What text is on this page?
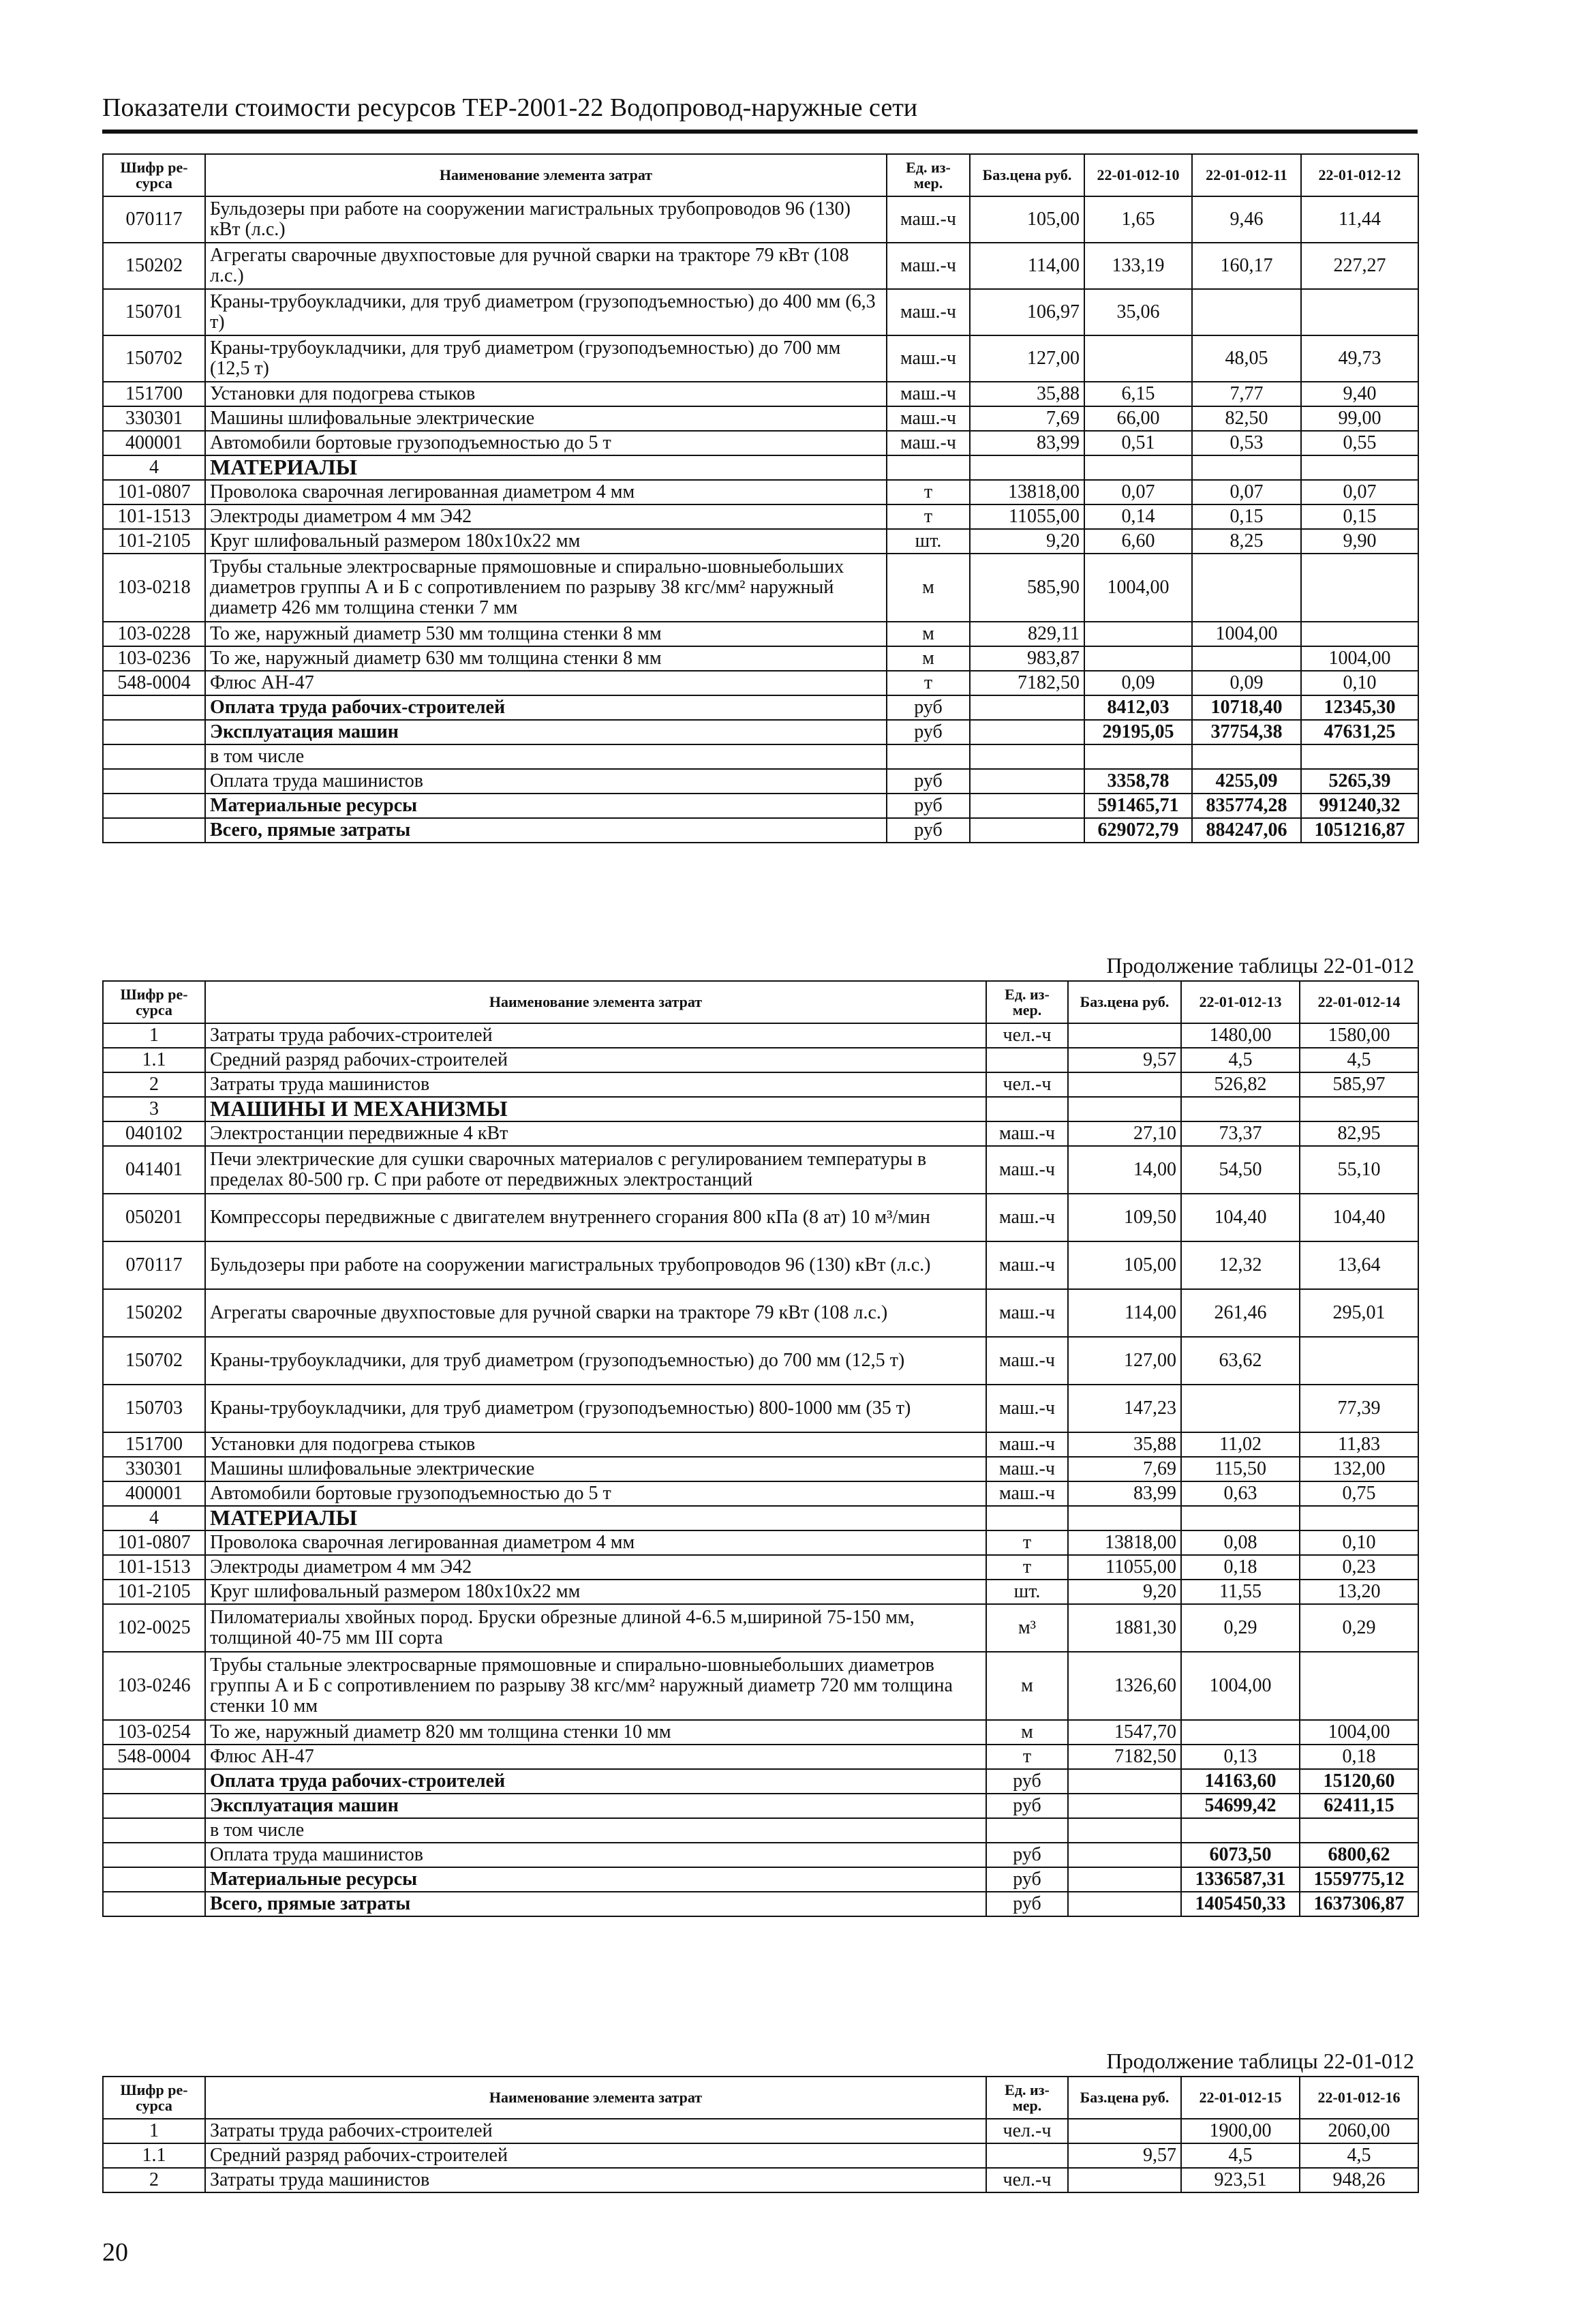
Показатели стоимости ресурсов ТЕР-2001-22 Водопровод-наружные сети
Шифр ре-сурса	Наименование элемента затрат	Ед. из-мер.	Баз.цена руб.	22-01-012-10	22-01-012-11	22-01-012-12
070117	Бульдозеры при работе на сооружении магистральных трубопроводов 96 (130) кВт (л.с.)	маш.-ч	105,00	1,65	9,46	11,44
150202	Агрегаты сварочные двухпостовые для ручной сварки на тракторе 79 кВт (108 л.с.)	маш.-ч	114,00	133,19	160,17	227,27
150701	Краны-трубоукладчики, для труб диаметром (грузоподъемностью) до 400 мм (6,3 т)	маш.-ч	106,97	35,06		
150702	Краны-трубоукладчики, для труб диаметром (грузоподъемностью) до 700 мм (12,5 т)	маш.-ч	127,00		48,05	49,73
151700	Установки для подогрева стыков	маш.-ч	35,88	6,15	7,77	9,40
330301	Машины шлифовальные электрические	маш.-ч	7,69	66,00	82,50	99,00
400001	Автомобили бортовые грузоподъемностью до 5 т	маш.-ч	83,99	0,51	0,53	0,55
4	МАТЕРИАЛЫ					
101-0807	Проволока сварочная легированная диаметром 4 мм	т	13818,00	0,07	0,07	0,07
101-1513	Электроды диаметром 4 мм Э42	т	11055,00	0,14	0,15	0,15
101-2105	Круг шлифовальный размером 180x10x22 мм	шт.	9,20	6,60	8,25	9,90
103-0218	Трубы стальные электросварные прямошовные и спирально-шовныебольших диаметров группы А и Б с сопротивлением по разрыву 38 кгс/мм² наружный диаметр 426 мм толщина стенки 7 мм	м	585,90	1004,00		
103-0228	То же, наружный диаметр 530 мм толщина стенки 8 мм	м	829,11		1004,00	
103-0236	То же, наружный диаметр 630 мм толщина стенки 8 мм	м	983,87			1004,00
548-0004	Флюс АН-47	т	7182,50	0,09	0,09	0,10
	Оплата труда рабочих-строителей	руб		8412,03	10718,40	12345,30
	Эксплуатация машин	руб		29195,05	37754,38	47631,25
	в том числе					
	Оплата труда машинистов	руб		3358,78	4255,09	5265,39
	Материальные ресурсы	руб		591465,71	835774,28	991240,32
	Всего, прямые затраты	руб		629072,79	884247,06	1051216,87
Продолжение таблицы 22-01-012
Шифр ре-сурса	Наименование элемента затрат	Ед. из-мер.	Баз.цена руб.	22-01-012-13	22-01-012-14
1	Затраты труда рабочих-строителей	чел.-ч		1480,00	1580,00
1.1	Средний разряд рабочих-строителей		9,57	4,5	4,5
2	Затраты труда машинистов	чел.-ч		526,82	585,97
3	МАШИНЫ И МЕХАНИЗМЫ				
040102	Электростанции передвижные 4 кВт	маш.-ч	27,10	73,37	82,95
041401	Печи электрические для сушки сварочных материалов с регулированием температуры в пределах 80-500 гр. С при работе от передвижных электростанций	маш.-ч	14,00	54,50	55,10
050201	Компрессоры передвижные с двигателем внутреннего сгорания 800 кПа (8 ат) 10 м³/мин	маш.-ч	109,50	104,40	104,40
070117	Бульдозеры при работе на сооружении магистральных трубопроводов 96 (130) кВт (л.с.)	маш.-ч	105,00	12,32	13,64
150202	Агрегаты сварочные двухпостовые для ручной сварки на тракторе 79 кВт (108 л.с.)	маш.-ч	114,00	261,46	295,01
150702	Краны-трубоукладчики, для труб диаметром (грузоподъемностью) до 700 мм (12,5 т)	маш.-ч	127,00	63,62	
150703	Краны-трубоукладчики, для труб диаметром (грузоподъемностью) 800-1000 мм (35 т)	маш.-ч	147,23		77,39
151700	Установки для подогрева стыков	маш.-ч	35,88	11,02	11,83
330301	Машины шлифовальные электрические	маш.-ч	7,69	115,50	132,00
400001	Автомобили бортовые грузоподъемностью до 5 т	маш.-ч	83,99	0,63	0,75
4	МАТЕРИАЛЫ				
101-0807	Проволока сварочная легированная диаметром 4 мм	т	13818,00	0,08	0,10
101-1513	Электроды диаметром 4 мм Э42	т	11055,00	0,18	0,23
101-2105	Круг шлифовальный размером 180x10x22 мм	шт.	9,20	11,55	13,20
102-0025	Пиломатериалы хвойных пород. Бруски обрезные длиной 4-6.5 м,шириной 75-150 мм, толщиной 40-75 мм III сорта	м³	1881,30	0,29	0,29
103-0246	Трубы стальные электросварные прямошовные и спирально-шовныебольших диаметров группы А и Б с сопротивлением по разрыву 38 кгс/мм² наружный диаметр 720 мм толщина стенки 10 мм	м	1326,60	1004,00	
103-0254	То же, наружный диаметр 820 мм толщина стенки 10 мм	м	1547,70		1004,00
548-0004	Флюс АН-47	т	7182,50	0,13	0,18
	Оплата труда рабочих-строителей	руб		14163,60	15120,60
	Эксплуатация машин	руб		54699,42	62411,15
	в том числе				
	Оплата труда машинистов	руб		6073,50	6800,62
	Материальные ресурсы	руб		1336587,31	1559775,12
	Всего, прямые затраты	руб		1405450,33	1637306,87
Продолжение таблицы 22-01-012
Шифр ре-сурса	Наименование элемента затрат	Ед. из-мер.	Баз.цена руб.	22-01-012-15	22-01-012-16
1	Затраты труда рабочих-строителей	чел.-ч		1900,00	2060,00
1.1	Средний разряд рабочих-строителей		9,57	4,5	4,5
2	Затраты труда машинистов	чел.-ч		923,51	948,26
20
